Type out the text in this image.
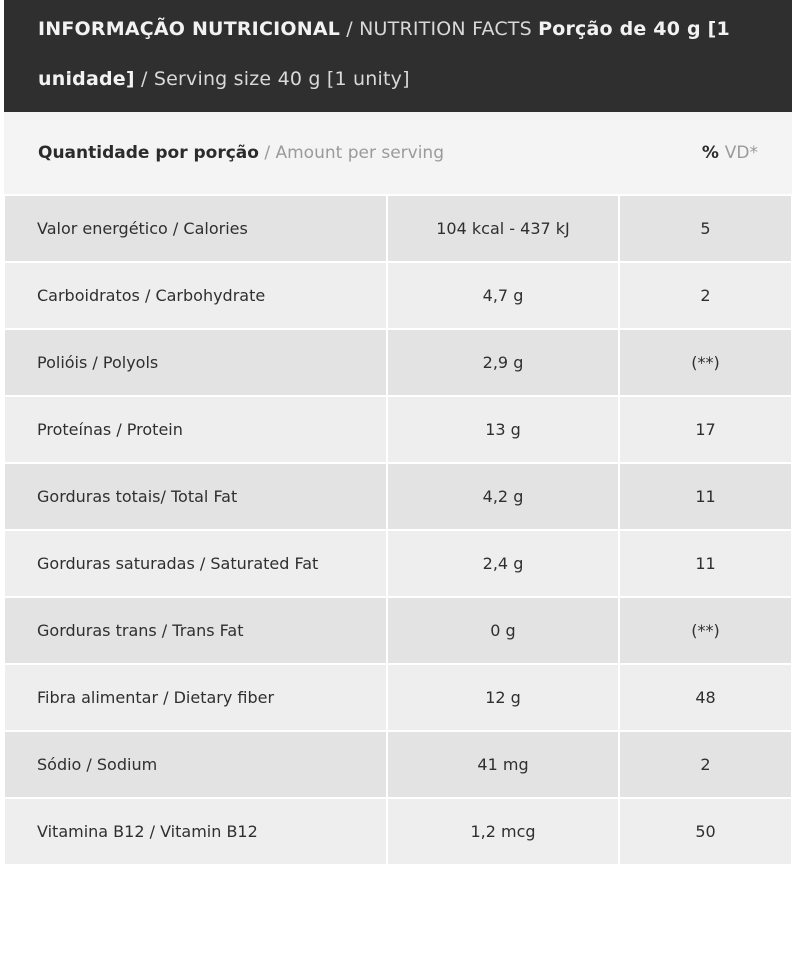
INFORMAÇÃO NUTRICIONAL / NUTRITION FACTS Porção de 40 g [1 unidade] / Serving size 40 g [1 unity]
Quantidade por porção / Amount per serving	% VD*
Valor energético / Calories	104 kcal ‑ 437 kJ	5
Carboidratos / Carbohydrate	4,7 g	2
Polióis / Polyols	2,9 g	(**)
Proteínas / Protein	13 g	17
Gorduras totais/ Total Fat	4,2 g	11
Gorduras saturadas / Saturated Fat	2,4 g	11
Gorduras trans / Trans Fat	0 g	(**)
Fibra alimentar / Dietary fiber	12 g	48
Sódio / Sodium	41 mg	2
Vitamina B12 / Vitamin B12	1,2 mcg	50
